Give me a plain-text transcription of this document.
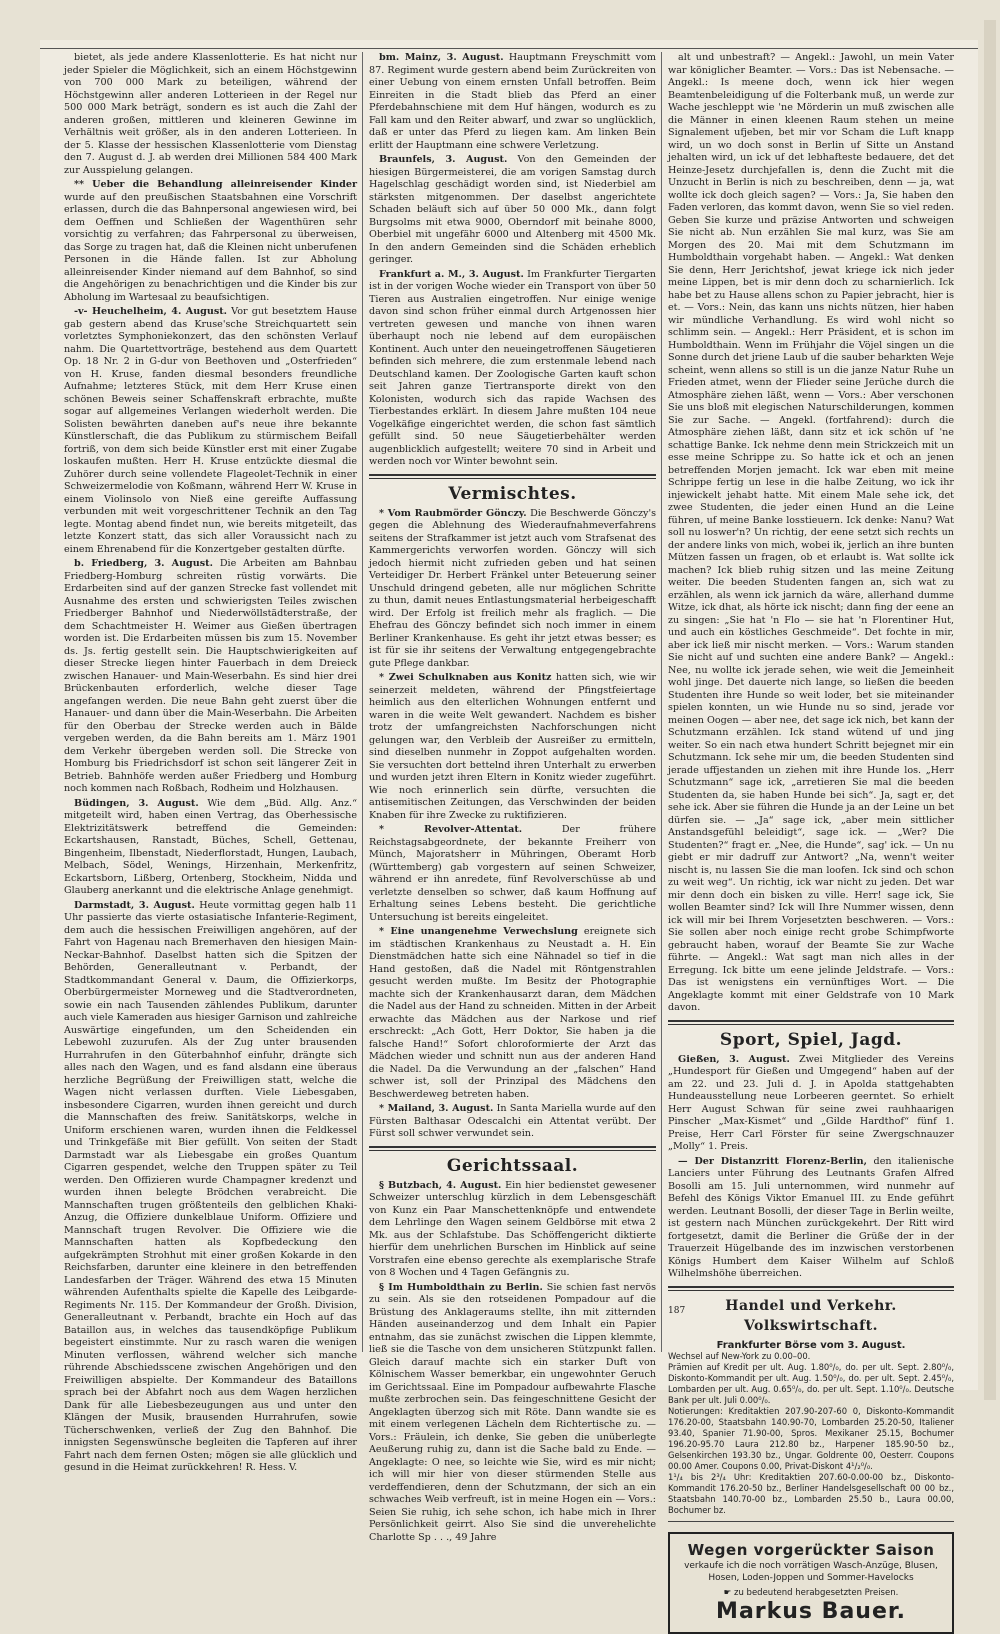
bietet, als jede andere Klassenlotterie. Es hat nicht nur jeder Spieler die Möglichkeit, sich an einem Höchstgewinn von 700 000 Mark zu beteiligen, während der Höchstgewinn aller anderen Lotterieen in der Regel nur 500 000 Mark beträgt, sondern es ist auch die Zahl der anderen großen, mittleren und kleineren Gewinne im Verhältnis weit größer, als in den anderen Lotterieen. In der 5. Klasse der hessischen Klassenlotterie vom Dienstag den 7. August d. J. ab werden drei Millionen 584 400 Mark zur Ausspielung gelangen.

** Ueber die Behandlung alleinreisender Kinder wurde auf den preußischen Staatsbahnen eine Vorschrift erlassen, durch die das Bahnpersonal angewiesen wird, bei dem Oeffnen und Schließen der Wagenthüren sehr vorsichtig zu verfahren; das Fahrpersonal zu überweisen, das Sorge zu tragen hat, daß die Kleinen nicht unberufenen Personen in die Hände fallen. Ist zur Abholung alleinreisender Kinder niemand auf dem Bahnhof, so sind die Angehörigen zu benachrichtigen und die Kinder bis zur Abholung im Wartesaal zu beaufsichtigen.

-v- Heuchelheim, 4. August. Vor gut besetztem Hause gab gestern abend das Kruse'sche Streichquartett sein vorletztes Symphoniekonzert, das den schönsten Verlauf nahm. Die Quartettvorträge, bestehend aus dem Quartett Op. 18 Nr. 2 in G-dur von Beethoven und „Osterfrieden“ von H. Kruse, fanden diesmal besonders freundliche Aufnahme; letzteres Stück, mit dem Herr Kruse einen schönen Beweis seiner Schaffenskraft erbrachte, mußte sogar auf allgemeines Verlangen wiederholt werden. Die Solisten bewährten daneben auf's neue ihre bekannte Künstlerschaft, die das Publikum zu stürmischem Beifall fortriß, von dem sich beide Künstler erst mit einer Zugabe loskaufen mußten. Herr H. Kruse entzückte diesmal die Zuhörer durch seine vollendete Flageolet-Technik in einer Schweizermelodie von Koßmann, während Herr W. Kruse in einem Violinsolo von Nieß eine gereifte Auffassung verbunden mit weit vorgeschrittener Technik an den Tag legte. Montag abend findet nun, wie bereits mitgeteilt, das letzte Konzert statt, das sich aller Voraussicht nach zu einem Ehrenabend für die Konzertgeber gestalten dürfte.

b. Friedberg, 3. August. Die Arbeiten am Bahnbau Friedberg-Homburg schreiten rüstig vorwärts. Die Erdarbeiten sind auf der ganzen Strecke fast vollendet mit Ausnahme des ersten und schwierigsten Teiles zwischen Friedberger Bahnhof und Niederwöllstädterstraße, der dem Schachtmeister H. Weimer aus Gießen übertragen worden ist. Die Erdarbeiten müssen bis zum 15. November ds. Js. fertig gestellt sein. Die Hauptschwierigkeiten auf dieser Strecke liegen hinter Fauerbach in dem Dreieck zwischen Hanauer- und Main-Weserbahn. Es sind hier drei Brückenbauten erforderlich, welche dieser Tage angefangen werden. Die neue Bahn geht zuerst über die Hanauer- und dann über die Main-Weserbahn. Die Arbeiten für den Oberbau der Strecke werden auch in Bälde vergeben werden, da die Bahn bereits am 1. März 1901 dem Verkehr übergeben werden soll. Die Strecke von Homburg bis Friedrichsdorf ist schon seit längerer Zeit in Betrieb. Bahnhöfe werden außer Friedberg und Homburg noch kommen nach Roßbach, Rodheim und Holzhausen.

Büdingen, 3. August. Wie dem „Büd. Allg. Anz.“ mitgeteilt wird, haben einen Vertrag, das Oberhessische Elektrizitätswerk betreffend die Gemeinden: Eckartshausen, Ranstadt, Büches, Schell, Gettenau, Bingenheim, Ilbenstadt, Niederflorstadt, Hungen, Laubach, Melbach, Södel, Wenings, Hirzenhain, Merkenfritz, Eckartsborn, Lißberg, Ortenberg, Stockheim, Nidda und Glauberg anerkannt und die elektrische Anlage genehmigt.

Darmstadt, 3. August. Heute vormittag gegen halb 11 Uhr passierte das vierte ostasiatische Infanterie-Regiment, dem auch die hessischen Freiwilligen angehören, auf der Fahrt von Hagenau nach Bremerhaven den hiesigen Main-Neckar-Bahnhof. Daselbst hatten sich die Spitzen der Behörden, Generalleutnant v. Perbandt, der Stadtkommandant General v. Daum, die Offizierkorps, Oberbürgermeister Morneweg und die Stadtverordneten, sowie ein nach Tausenden zählendes Publikum, darunter auch viele Kameraden aus hiesiger Garnison und zahlreiche Auswärtige eingefunden, um den Scheidenden ein Lebewohl zuzurufen. Als der Zug unter brausenden Hurrahrufen in den Güterbahnhof einfuhr, drängte sich alles nach den Wagen, und es fand alsdann eine überaus herzliche Begrüßung der Freiwilligen statt, welche die Wagen nicht verlassen durften. Viele Liebesgaben, insbesondere Cigarren, wurden ihnen gereicht und durch die Mannschaften des freiw. Sanitätskorps, welche in Uniform erschienen waren, wurden ihnen die Feldkessel und Trinkgefäße mit Bier gefüllt. Von seiten der Stadt Darmstadt war als Liebesgabe ein großes Quantum Cigarren gespendet, welche den Truppen später zu Teil werden. Den Offizieren wurde Champagner kredenzt und wurden ihnen belegte Brödchen verabreicht. Die Mannschaften trugen größtenteils den gelblichen Khaki-Anzug, die Offiziere dunkelblaue Uniform. Offiziere und Mannschaft trugen Revolver. Die Offiziere wie die Mannschaften hatten als Kopfbedeckung den aufgekrämpten Strohhut mit einer großen Kokarde in den Reichsfarben, darunter eine kleinere in den betreffenden Landesfarben der Träger. Während des etwa 15 Minuten währenden Aufenthalts spielte die Kapelle des Leibgarde-Regiments Nr. 115. Der Kommandeur der Großh. Division, Generalleutnant v. Perbandt, brachte ein Hoch auf das Bataillon aus, in welches das tausendköpfige Publikum begeistert einstimmte. Nur zu rasch waren die wenigen Minuten verflossen, während welcher sich manche rührende Abschiedsscene zwischen Angehörigen und den Freiwilligen abspielte. Der Kommandeur des Bataillons sprach bei der Abfahrt noch aus dem Wagen herzlichen Dank für alle Liebesbezeugungen aus und unter den Klängen der Musik, brausenden Hurrahrufen, sowie Tücherschwenken, verließ der Zug den Bahnhof. Die innigsten Segenswünsche begleiten die Tapferen auf ihrer Fahrt nach dem fernen Osten; mögen sie alle glücklich und gesund in die Heimat zurückkehren! R. Hess. V.

bm. Mainz, 3. August. Hauptmann Freyschmitt vom 87. Regiment wurde gestern abend beim Zurückreiten von einer Uebung von einem ernsten Unfall betroffen. Beim Einreiten in die Stadt blieb das Pferd an einer Pferdebahnschiene mit dem Huf hängen, wodurch es zu Fall kam und den Reiter abwarf, und zwar so unglücklich, daß er unter das Pferd zu liegen kam. Am linken Bein erlitt der Hauptmann eine schwere Verletzung.

Braunfels, 3. August. Von den Gemeinden der hiesigen Bürgermeisterei, die am vorigen Samstag durch Hagelschlag geschädigt worden sind, ist Niederbiel am stärksten mitgenommen. Der daselbst angerichtete Schaden beläuft sich auf über 50 000 Mk., dann folgt Burgsolms mit etwa 9000, Oberndorf mit beinahe 8000, Oberbiel mit ungefähr 6000 und Altenberg mit 4500 Mk. In den andern Gemeinden sind die Schäden erheblich geringer.

Frankfurt a. M., 3. August. Im Frankfurter Tiergarten ist in der vorigen Woche wieder ein Transport von über 50 Tieren aus Australien eingetroffen. Nur einige wenige davon sind schon früher einmal durch Artgenossen hier vertreten gewesen und manche von ihnen waren überhaupt noch nie lebend auf dem europäischen Kontinent. Auch unter den neueingetroffenen Säugetieren befinden sich mehrere, die zum erstenmale lebend nach Deutschland kamen. Der Zoologische Garten kauft schon seit Jahren ganze Tiertransporte direkt von den Kolonisten, wodurch sich das rapide Wachsen des Tierbestandes erklärt. In diesem Jahre mußten 104 neue Vogelkäfige eingerichtet werden, die schon fast sämtlich gefüllt sind. 50 neue Säugetierbehälter werden augenblicklich aufgestellt; weitere 70 sind in Arbeit und werden noch vor Winter bewohnt sein.

Vermischtes.

* Vom Raubmörder Gönczy. Die Beschwerde Gönczy's gegen die Ablehnung des Wiederaufnahmeverfahrens seitens der Strafkammer ist jetzt auch vom Strafsenat des Kammergerichts verworfen worden. Gönczy will sich jedoch hiermit nicht zufrieden geben und hat seinen Verteidiger Dr. Herbert Fränkel unter Beteuerung seiner Unschuld dringend gebeten, alle nur möglichen Schritte zu thun, damit neues Entlastungsmaterial herbeigeschafft wird. Der Erfolg ist freilich mehr als fraglich. — Die Ehefrau des Gönczy befindet sich noch immer in einem Berliner Krankenhause. Es geht ihr jetzt etwas besser; es ist für sie ihr seitens der Verwaltung entgegengebrachte gute Pflege dankbar.

* Zwei Schulknaben aus Konitz hatten sich, wie wir seinerzeit meldeten, während der Pfingstfeiertage heimlich aus den elterlichen Wohnungen entfernt und waren in die weite Welt gewandert. Nachdem es bisher trotz der umfangreichsten Nachforschungen nicht gelungen war, den Verbleib der Ausreißer zu ermitteln, sind dieselben nunmehr in Zoppot aufgehalten worden. Sie versuchten dort bettelnd ihren Unterhalt zu erwerben und wurden jetzt ihren Eltern in Konitz wieder zugeführt. Wie noch erinnerlich sein dürfte, versuchten die antisemitischen Zeitungen, das Verschwinden der beiden Knaben für ihre Zwecke zu ruktifizieren.

* Revolver-Attentat.	Der frühere Reichstagsabgeordnete, der bekannte Freiherr von Münch, Majoratsherr in Mühringen, Oberamt Horb (Württemberg) gab vorgestern auf seinen Schweizer, während er ihn anredete, fünf Revolverschüsse ab und verletzte denselben so schwer, daß kaum Hoffnung auf Erhaltung seines Lebens besteht. Die gerichtliche Untersuchung ist bereits eingeleitet.

* Eine unangenehme Verwechslung ereignete sich im städtischen Krankenhaus zu Neustadt a. H. Ein Dienstmädchen hatte sich eine Nähnadel so tief in die Hand gestoßen, daß die Nadel mit Röntgenstrahlen gesucht werden mußte. Im Besitz der Photographie machte sich der Krankenhausarzt daran, dem Mädchen die Nadel aus der Hand zu schneiden. Mitten in der Arbeit erwachte das Mädchen aus der Narkose und rief erschreckt: „Ach Gott, Herr Doktor, Sie haben ja die falsche Hand!“ Sofort chloroformierte der Arzt das Mädchen wieder und schnitt nun aus der anderen Hand die Nadel. Da die Verwundung an der „falschen“ Hand schwer ist, soll der Prinzipal des Mädchens den Beschwerdeweg betreten haben.

* Mailand, 3. August. In Santa Mariella wurde auf den Fürsten Balthasar Odescalchi ein Attentat verübt. Der Fürst soll schwer verwundet sein.

Gerichtssaal.

§ Butzbach, 4. August. Ein hier bedienstet gewesener Schweizer unterschlug kürzlich in dem Lebensgeschäft von Kunz ein Paar Manschettenknöpfe und entwendete dem Lehrlinge den Wagen seinem Geldbörse mit etwa 2 Mk. aus der Schlafstube. Das Schöffengericht diktierte hierfür dem unehrlichen Burschen im Hinblick auf seine Vorstrafen eine ebenso gerechte als exemplarische Strafe von 8 Wochen und 4 Tagen Gefängnis zu.

§ Im Humboldthain zu Berlin. Sie schien fast nervös zu sein. Als sie den rotseidenen Pompadour auf die Brüstung des Anklageraums stellte, ihn mit zitternden Händen auseinanderzog und dem Inhalt ein Papier entnahm, das sie zunächst zwischen die Lippen klemmte, ließ sie die Tasche von dem unsicheren Stützpunkt fallen. Gleich darauf machte sich ein starker Duft von Kölnischem Wasser bemerkbar, ein ungewohnter Geruch im Gerichtssaal. Eine im Pompadour aufbewahrte Flasche mußte zerbrochen sein. Das feingeschnittene Gesicht der Angeklagten überzog sich mit Röte. Dann wandte sie es mit einem verlegenen Lächeln dem Richtertische zu. — Vors.: Fräulein, ich denke, Sie geben die unüberlegte Aeußerung ruhig zu, dann ist die Sache bald zu Ende. — Angeklagte: O nee, so leichte wie Sie, wird es mir nicht; ich will mir hier von dieser stürmenden Stelle aus verdeffendieren, denn der Schutzmann, der sich an ein schwaches Weib verfreuft, ist in meine Hogen ein — Vors.: Seien Sie ruhig, ich sehe schon, ich habe mich in Ihrer Persönlichkeit geirrt. Also Sie sind die unverehelichte Charlotte Sp . . ., 49 Jahre

alt und unbestraft? — Angekl.: Jawohl, un mein Vater war königlicher Beamter. — Vors.: Das ist Nebensache. — Angekl.: Is meene doch, wenn ick hier wegen Beamtenbeleidigung uf die Folterbank muß, un werde zur Wache jeschleppt wie 'ne Mörderin un muß zwischen alle die Männer in einen kleenen Raum stehen un meine Signalement ufjeben, bet mir vor Scham die Luft knapp wird, un wo doch sonst in Berlin uf Sitte un Anstand jehalten wird, un ick uf det lebhafteste bedauere, det det Heinze-Jesetz durchjefallen is, denn die Zucht mit die Unzucht in Berlin is nich zu beschreiben, denn — ja, wat wollte ick doch gleich sagen? — Vors.: Ja, Sie haben den Faden verloren, das kommt davon, wenn Sie so viel reden. Geben Sie kurze und präzise Antworten und schweigen Sie nicht ab. Nun erzählen Sie mal kurz, was Sie am Morgen des 20. Mai mit dem Schutzmann im Humboldthain vorgehabt haben. — Angekl.: Wat denken Sie denn, Herr Jerichtshof, jewat kriege ick nich jeder meine Lippen, bet is mir denn doch zu scharnierlich. Ick habe bet zu Hause allens schon zu Papier jebracht, hier is et. — Vors.: Nein, das kann uns nichts nützen, hier haben wir mündliche Verhandlung. Es wird wohl nicht so schlimm sein. — Angekl.: Herr Präsident, et is schon im Humboldthain. Wenn im Frühjahr die Vöjel singen un die Sonne durch det jriene Laub uf die sauber beharkten Weje scheint, wenn allens so still is un die janze Natur Ruhe un Frieden atmet, wenn der Flieder seine Jerüche durch die Atmosphäre ziehen läßt, wenn — Vors.: Aber verschonen Sie uns bloß mit elegischen Naturschilderungen, kommen Sie zur Sache. — Angekl. (fortfahrend): durch die Atmosphäre ziehen läßt, dann sitz et ick schön uf 'ne schattige Banke. Ick nehme denn mein Strickzeich mit un esse meine Schrippe zu. So hatte ick et och an jenen betreffenden Morjen jemacht. Ick war eben mit meine Schrippe fertig un lese in die halbe Zeitung, wo ick ihr injewickelt jehabt hatte. Mit einem Male sehe ick, det zwee Studenten, die jeder einen Hund an die Leine führen, uf meine Banke losstieuern. Ick denke: Nanu? Wat soll nu loswer'n? Un richtig, der eene setzt sich rechts un der andere links von mich, wobei ik, jerlich an ihre bunten Mützen fassen un fragen, ob et erlaubt is. Wat sollte ick machen? Ick blieb ruhig sitzen und las meine Zeitung weiter. Die beeden Studenten fangen an, sich wat zu erzählen, als wenn ick jarnich da wäre, allerhand dumme Witze, ick dhat, als hörte ick nischt; dann fing der eene an zu singen: „Sie hat 'n Flo — sie hat 'n Florentiner Hut, und auch ein köstliches Geschmeide“. Det fochte in mir, aber ick ließ mir nischt merken. — Vors.: Warum standen Sie nicht auf und suchten eine andere Bank? — Angekl.: Nee, nu wollte ick jerade sehen, wie weit die Jemeinheit wohl jinge. Det dauerte nich lange, so ließen die beeden Studenten ihre Hunde so weit loder, bet sie miteinander spielen konnten, un wie Hunde nu so sind, jerade vor meinen Oogen — aber nee, det sage ick nich, bet kann der Schutzmann erzählen. Ick stand wütend uf und jing weiter. So ein nach etwa hundert Schritt bejegnet mir ein Schutzmann. Ick sehe mir um, die beeden Studenten sind jerade uffjestanden un ziehen mit ihre Hunde los. „Herr Schutzmann“ sage ick, „arretieren Sie mal die beeden Studenten da, sie haben Hunde bei sich“. Ja, sagt er, det sehe ick. Aber sie führen die Hunde ja an der Leine un bet dürfen sie. — „Ja“ sage ick, „aber mein sittlicher Anstandsgefühl beleidigt“, sage ick. — „Wer? Die Studenten?“ fragt er. „Nee, die Hunde“, sag' ick. — Un nu giebt er mir dadruff zur Antwort? „Na, wenn't weiter nischt is, nu lassen Sie die man loofen. Ick sind och schon zu weit weg“. Un richtig, ick war nicht zu jeden. Det war mir denn doch ein bisken zu ville. Herr! sage ick, Sie wollen Beamter sind? Ick will Ihre Nummer wissen, denn ick will mir bei Ihrem Vorjesetzten beschweren. — Vors.: Sie sollen aber noch einige recht grobe Schimpfworte gebraucht haben, worauf der Beamte Sie zur Wache führte. — Angekl.: Wat sagt man nich alles in der Erregung. Ick bitte um eene jelinde Jeldstrafe. — Vors.: Das ist wenigstens ein vernünftiges Wort. — Die Angeklagte kommt mit einer Geldstrafe von 10 Mark davon.

Sport, Spiel, Jagd.

Gießen, 3. August. Zwei Mitglieder des Vereins „Hundesport für Gießen und Umgegend“ haben auf der am 22. und 23. Juli d. J. in Apolda stattgehabten Hundeausstellung neue Lorbeeren geerntet. So erhielt Herr August Schwan für seine zwei rauhhaarigen Pinscher „Max-Kismet“ und „Gilde Hardthof“ fünf 1. Preise, Herr Carl Förster für seine Zwergschnauzer „Molly“ 1. Preis.

— Der Distanzritt Florenz-Berlin, den italienische Lanciers unter Führung des Leutnants Grafen Alfred Bosolli am 15. Juli unternommen, wird nunmehr auf Befehl des Königs Viktor Emanuel III. zu Ende geführt werden. Leutnant Bosolli, der dieser Tage in Berlin weilte, ist gestern nach München zurückgekehrt. Der Ritt wird fortgesetzt, damit die Berliner die Grüße der in der Trauerzeit Hügelbande des im inzwischen verstorbenen Königs Humbert dem Kaiser Wilhelm auf Schloß Wilhelmshöhe überreichen.

Handel und Verkehr. Volkswirtschaft.
Frankfurter Börse vom 3. August.
Wechsel auf New-York zu 0.00–00.
Prämien auf Kredit per ult. Aug. 1.80⁰/₀, do. per ult. Sept. 2.80⁰/₀, Diskonto-Kommandit per ult. Aug. 1.50⁰/₀, do. per ult. Sept. 2.45⁰/₀, Lombarden per ult. Aug. 0.65⁰/₀, do. per ult. Sept. 1.10⁰/₀. Deutsche Bank per ult. Juli 0.00⁰/₀.
Notierungen: Kreditaktien 207.90-207-60 0, Diskonto-Kommandit 176.20-00, Staatsbahn 140.90-70, Lombarden 25.20-50, Italiener 93.40, Spanier 71.90-00, Spros. Mexikaner 25.15, Bochumer 196.20-95.70 Laura 212.80 bz., Harpener 185.90-50 bz., Gelsenkirchen 193.30 bz., Ungar. Goldrente 00, Oesterr. Coupons 00.00 Amer. Coupons 0.00, Privat-Diskont 4¹/₂⁰/₀.
1¹/₄ bis 2³/₄ Uhr: Kreditaktien 207.60-0.00-00 bz., Diskonto-Kommandit 176.20-50 bz., Berliner Handelsgesellschaft 00 00 bz., Staatsbahn 140.70-00 bz., Lombarden 25.50 b., Laura 00.00, Bochumer bz.
Wegen vorgerückter Saison
verkaufe ich die noch vorrätigen Wasch-Anzüge, Blusen, Hosen, Loden-Joppen und Sommer-Havelocks
☛ zu bedeutend herabgesetzten Preisen.
Markus Bauer.
187
